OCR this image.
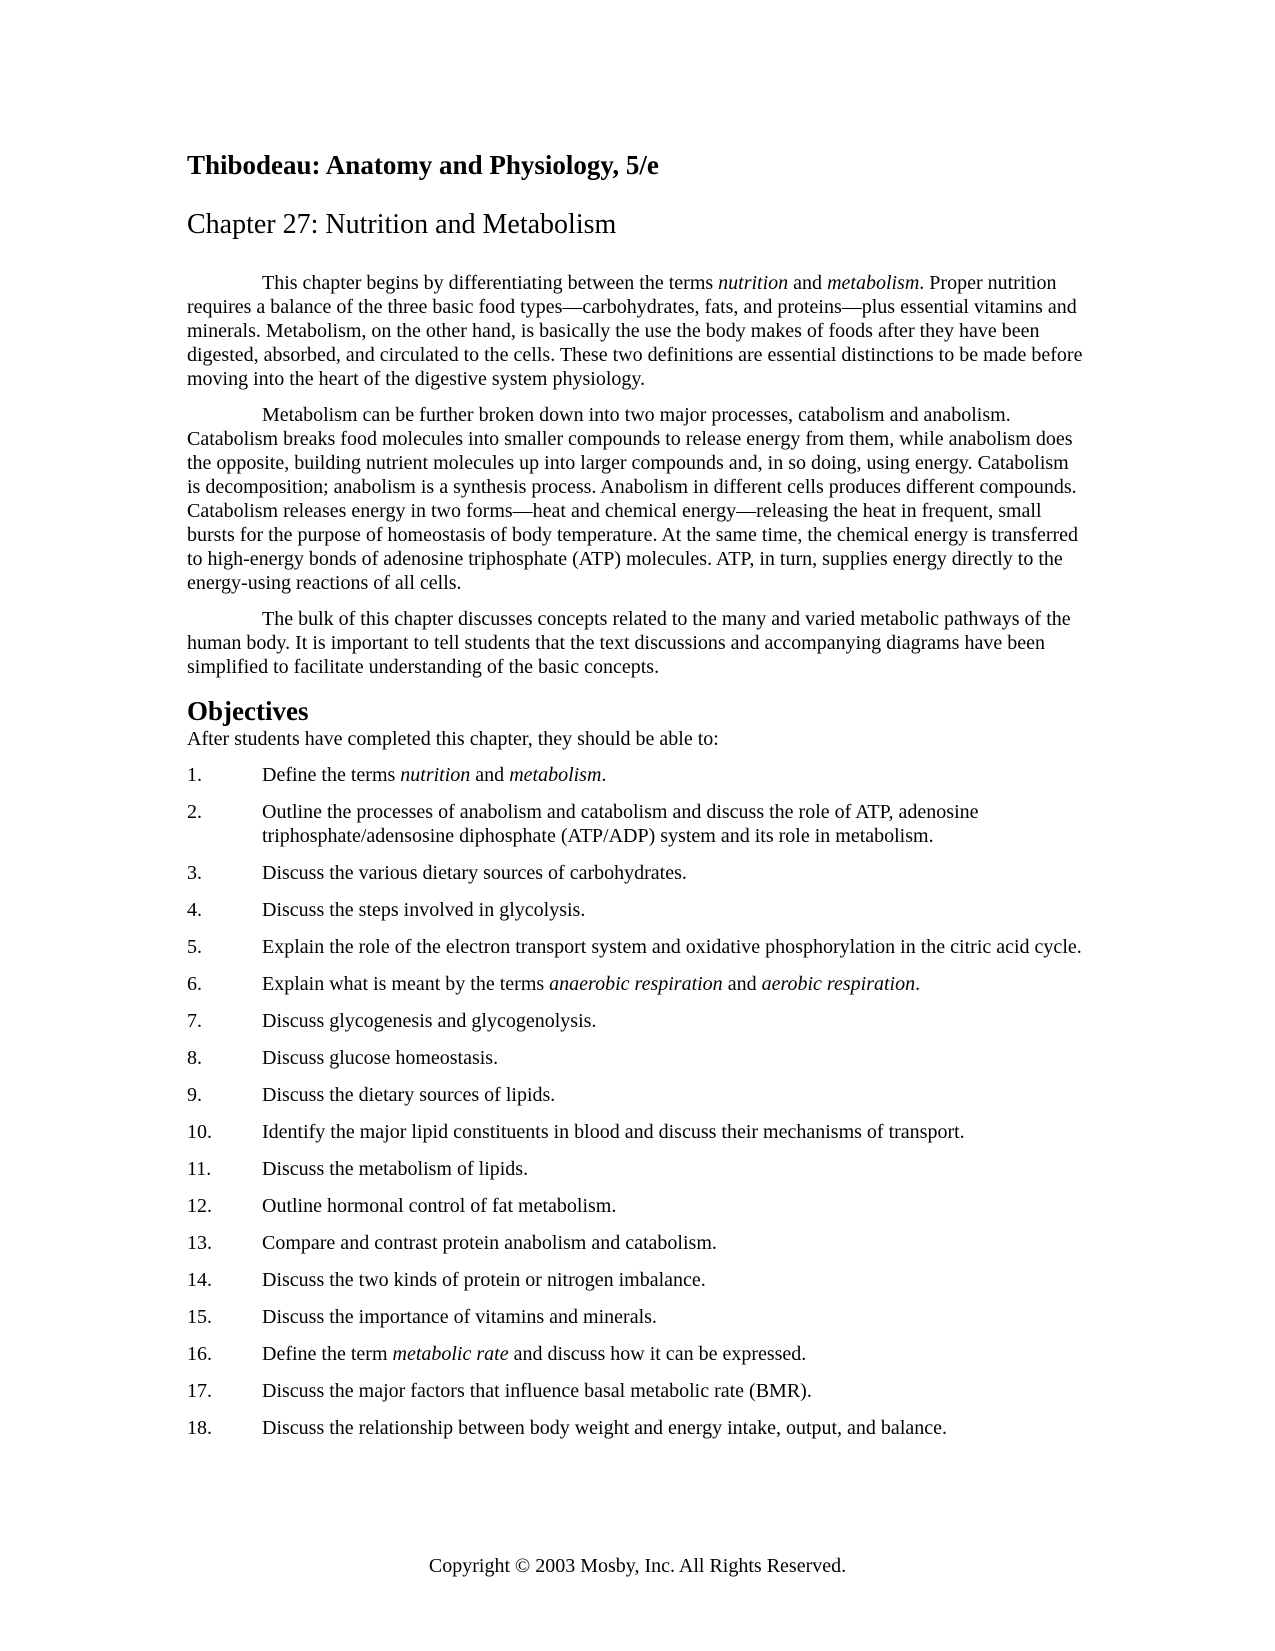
Thibodeau: Anatomy and Physiology, 5/e
Chapter 27: Nutrition and Metabolism

This chapter begins by differentiating between the terms nutrition and metabolism. Proper nutrition requires a balance of the three basic food types—carbohydrates, fats, and proteins—plus essential vitamins and minerals. Metabolism, on the other hand, is basically the use the body makes of foods after they have been digested, absorbed, and circulated to the cells. These two definitions are essential distinctions to be made before moving into the heart of the digestive system physiology.

Metabolism can be further broken down into two major processes, catabolism and anabolism. Catabolism breaks food molecules into smaller compounds to release energy from them, while anabolism does the opposite, building nutrient molecules up into larger compounds and, in so doing, using energy. Catabolism is decomposition; anabolism is a synthesis process. Anabolism in different cells produces different compounds. Catabolism releases energy in two forms—heat and chemical energy—releasing the heat in frequent, small bursts for the purpose of homeostasis of body temperature. At the same time, the chemical energy is transferred to high-energy bonds of adenosine triphosphate (ATP) molecules. ATP, in turn, supplies energy directly to the energy-using reactions of all cells.

The bulk of this chapter discusses concepts related to the many and varied metabolic pathways of the human body. It is important to tell students that the text discussions and accompanying diagrams have been simplified to facilitate understanding of the basic concepts.

Objectives
After students have completed this chapter, they should be able to:
1.	Define the terms nutrition and metabolism.
2.	Outline the processes of anabolism and catabolism and discuss the role of ATP, adenosine triphosphate/adensosine diphosphate (ATP/ADP) system and its role in metabolism.
3.	Discuss the various dietary sources of carbohydrates.
4.	Discuss the steps involved in glycolysis.
5.	Explain the role of the electron transport system and oxidative phosphorylation in the citric acid cycle.
6.	Explain what is meant by the terms anaerobic respiration and aerobic respiration.
7.	Discuss glycogenesis and glycogenolysis.
8.	Discuss glucose homeostasis.
9.	Discuss the dietary sources of lipids.
10.	Identify the major lipid constituents in blood and discuss their mechanisms of transport.
11.	Discuss the metabolism of lipids.
12.	Outline hormonal control of fat metabolism.
13.	Compare and contrast protein anabolism and catabolism.
14.	Discuss the two kinds of protein or nitrogen imbalance.
15.	Discuss the importance of vitamins and minerals.
16.	Define the term metabolic rate and discuss how it can be expressed.
17.	Discuss the major factors that influence basal metabolic rate (BMR).
18.	Discuss the relationship between body weight and energy intake, output, and balance.
Copyright © 2003 Mosby, Inc. All Rights Reserved.
